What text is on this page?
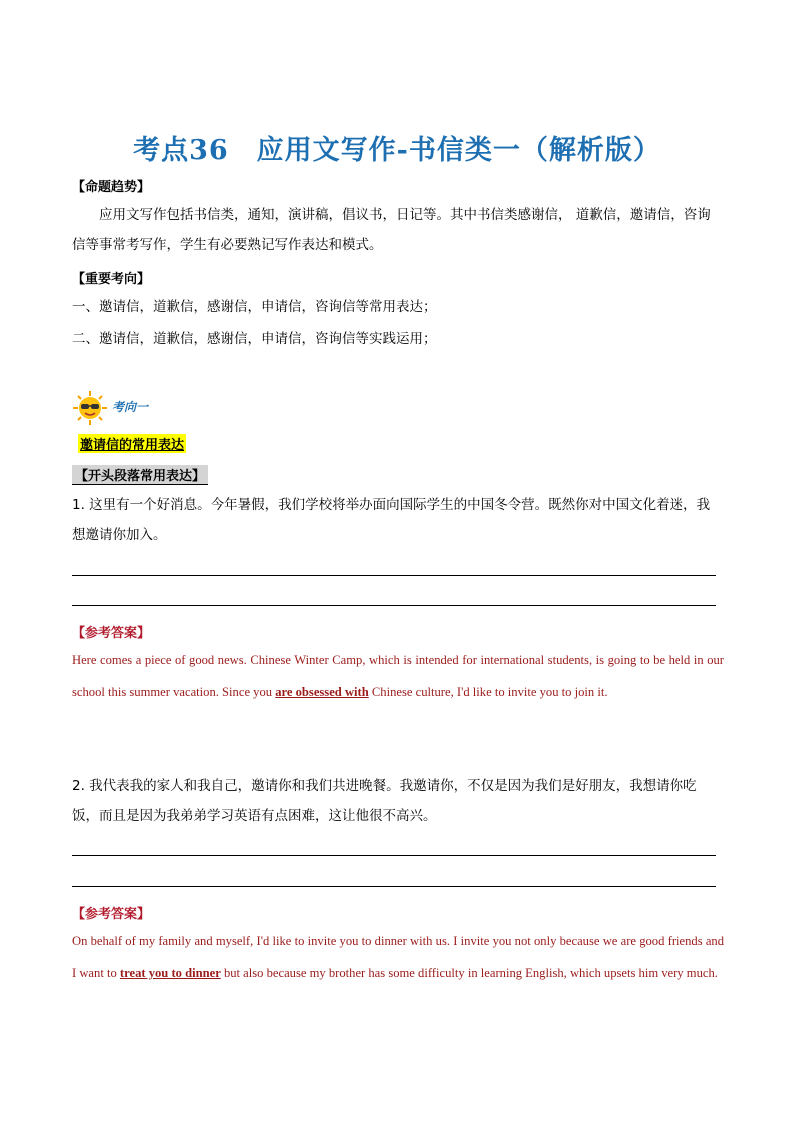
考点36　应用文写作-书信类一（解析版）
【命题趋势】
应用文写作包括书信类，通知，演讲稿，倡议书，日记等。其中书信类感谢信， 道歉信，邀请信，咨询信等事常考写作，学生有必要熟记写作表达和模式。
【重要考向】
一、邀请信，道歉信，感谢信，申请信，咨询信等常用表达；
二、邀请信，道歉信，感谢信，申请信，咨询信等实践运用；
考向一
邀请信的常用表达
【开头段落常用表达】
1. 这里有一个好消息。今年暑假，我们学校将举办面向国际学生的中国冬令营。既然你对中国文化着迷，我想邀请你加入。
【参考答案】
Here comes a piece of good news. Chinese Winter Camp, which is intended for international students, is going to be held in our school this summer vacation. Since you are obsessed with Chinese culture, I'd like to invite you to join it.
2. 我代表我的家人和我自己，邀请你和我们共进晚餐。我邀请你，不仅是因为我们是好朋友，我想请你吃饭，而且是因为我弟弟学习英语有点困难，这让他很不高兴。
【参考答案】
On behalf of my family and myself, I'd like to invite you to dinner with us. I invite you not only because we are good friends and I want to treat you to dinner but also because my brother has some difficulty in learning English, which upsets him very much.
